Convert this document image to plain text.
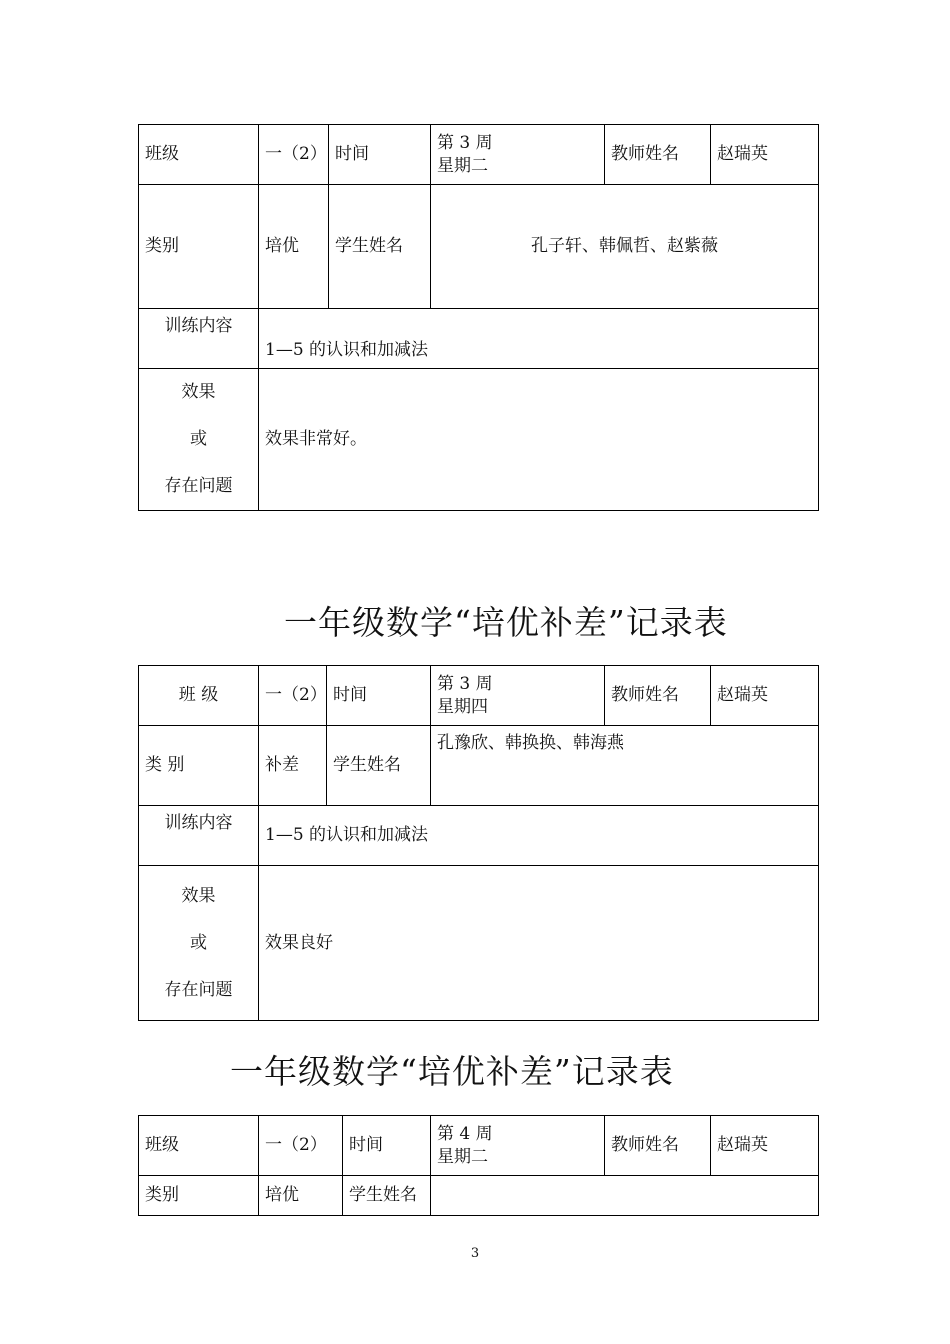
班级	一（2）	时间	第 3 周
星期二	教师姓名	赵瑞英
类别	培优	学生姓名	孔子轩、韩佩哲、赵紫薇		
训练内容	1—5 的认识和加减法				

效果
或
存在问题	效果非常好。				
一年级数学“培优补差”记录表
班 级	一（2）	时间	第 3 周
星期四	教师姓名	赵瑞英
类 别	补差	学生姓名	孔豫欣、韩换换、韩海燕		
训练内容	1—5 的认识和加减法				

效果
或
存在问题	效果良好				
一年级数学“培优补差”记录表
班级	一（2）	时间	第 4 周
星期二	教师姓名	赵瑞英
类别	培优	学生姓名			
3
